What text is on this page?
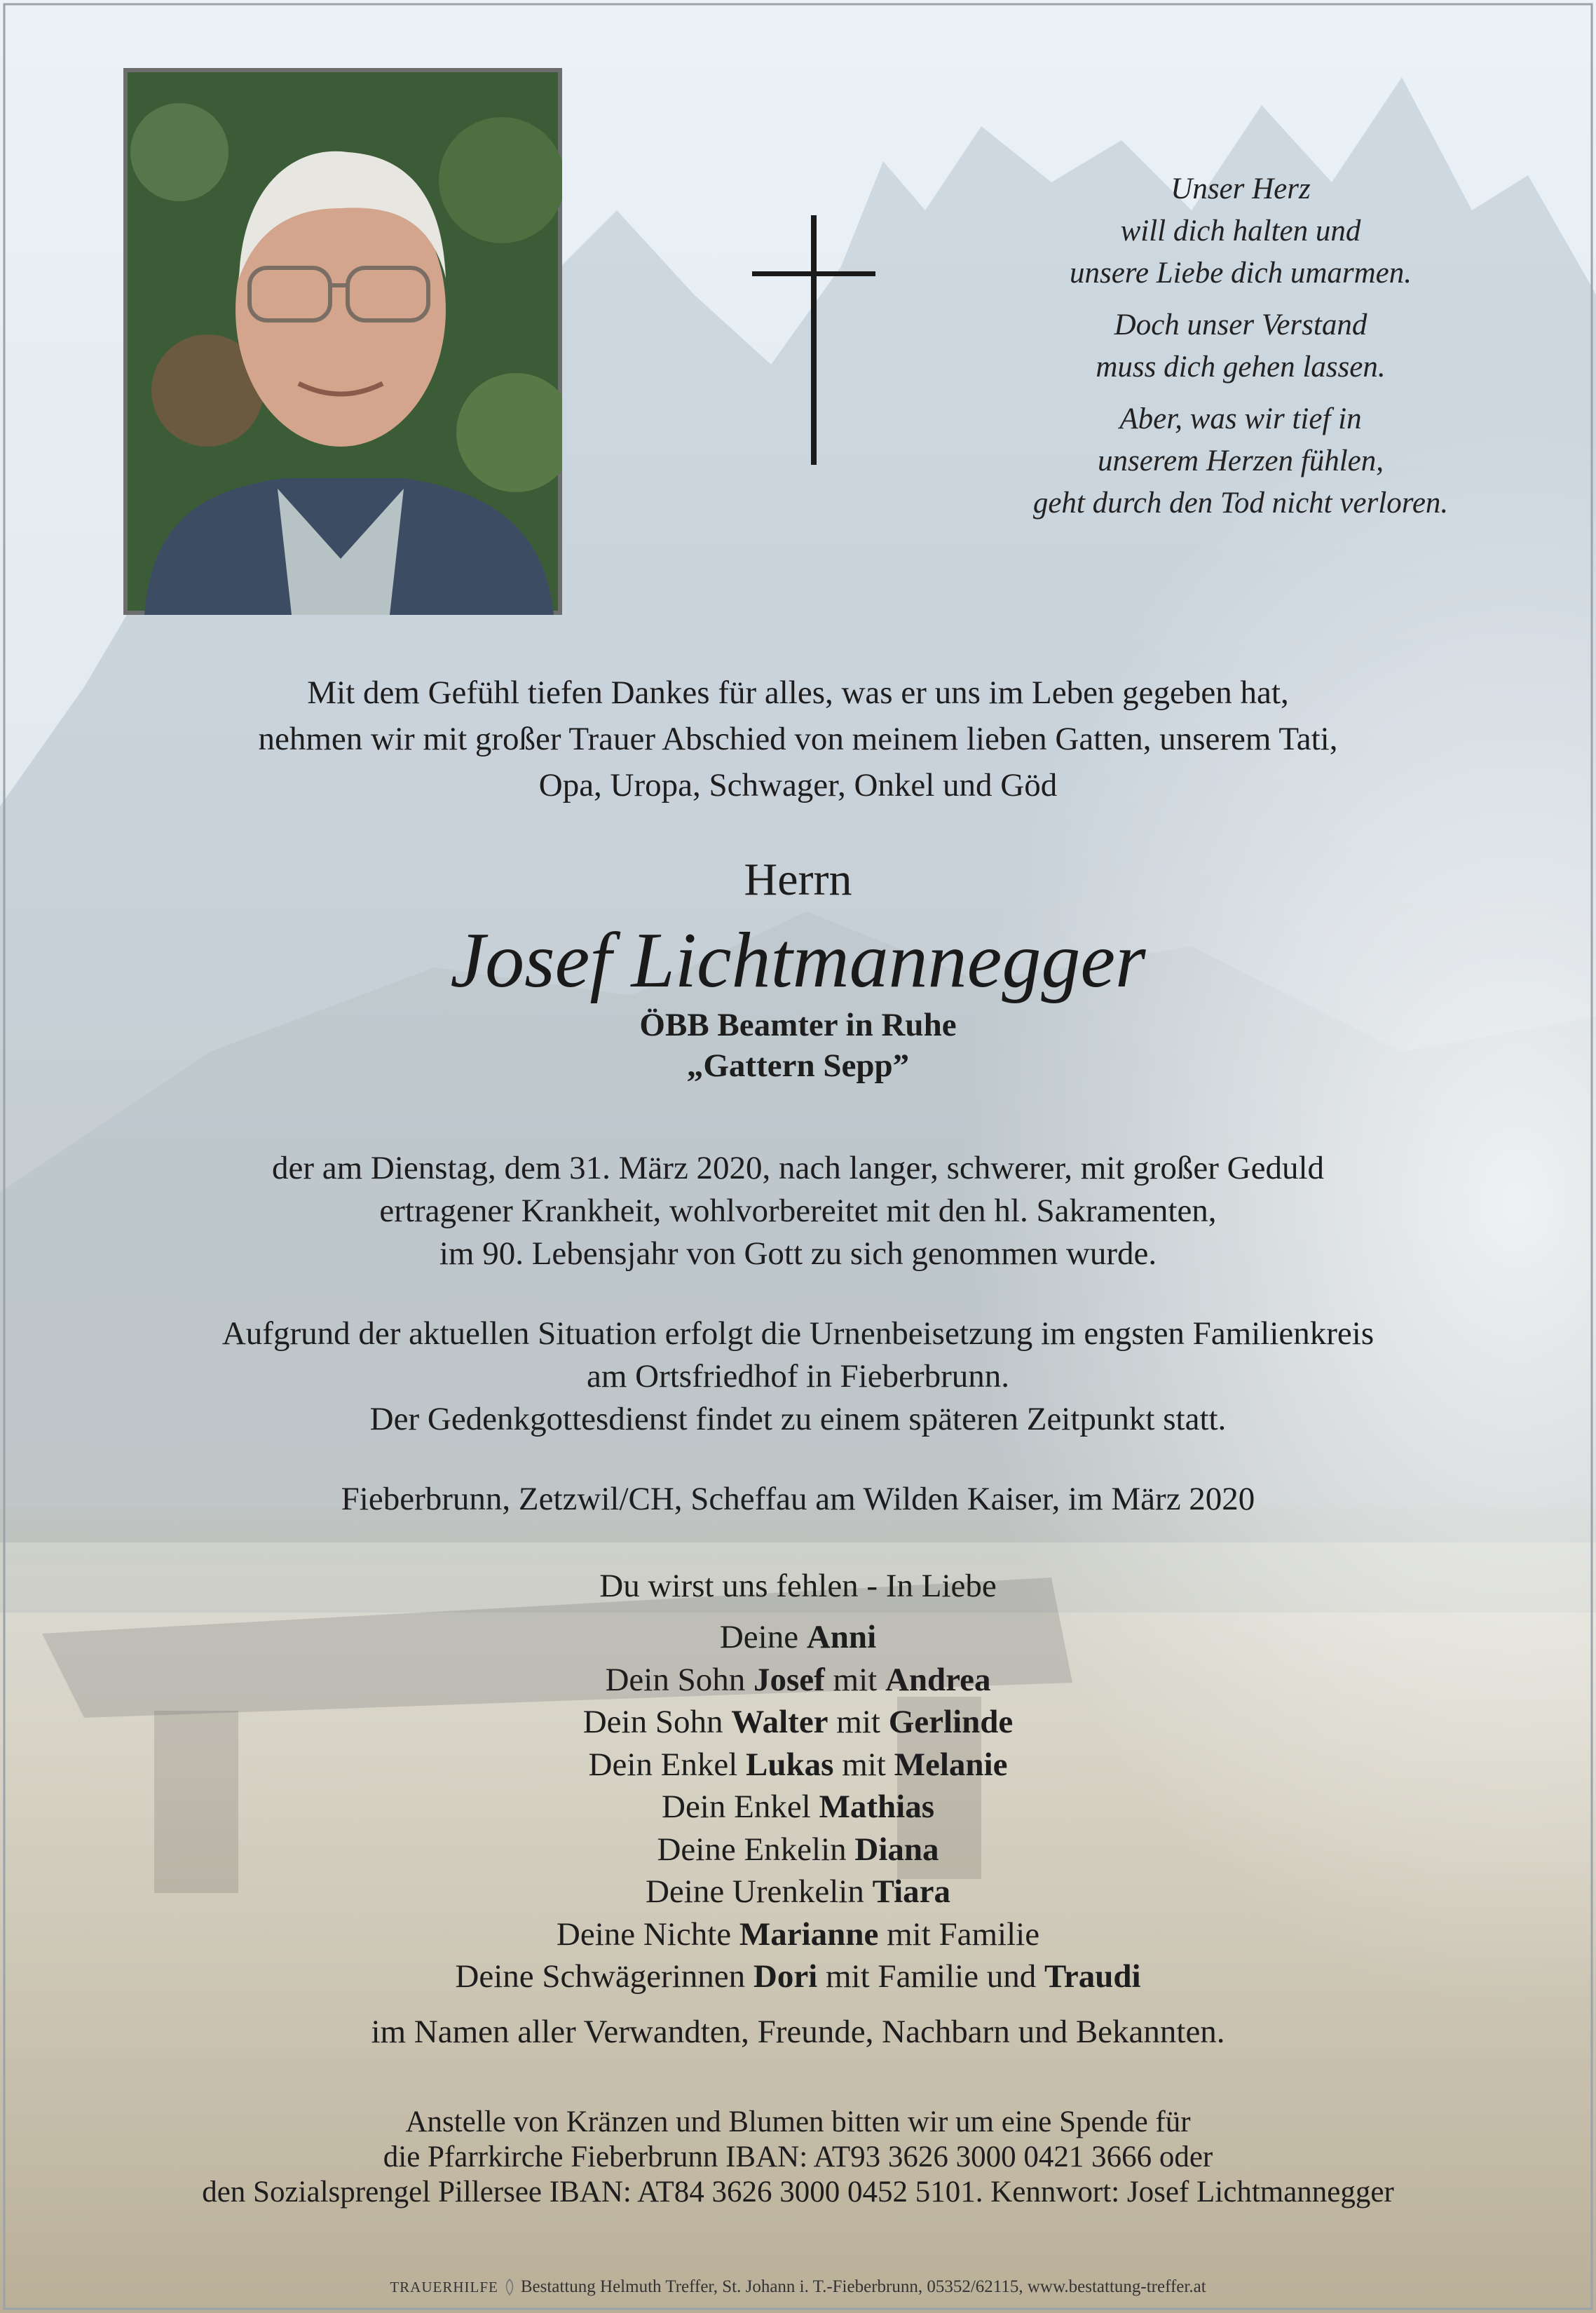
Unser Herz
will dich halten und
unsere Liebe dich umarmen.
Doch unser Verstand
muss dich gehen lassen.
Aber, was wir tief in
unserem Herzen fühlen,
geht durch den Tod nicht verloren.
Mit dem Gefühl tiefen Dankes für alles, was er uns im Leben gegeben hat,
nehmen wir mit großer Trauer Abschied von meinem lieben Gatten, unserem Tati,
Opa, Uropa, Schwager, Onkel und Göd
Herrn
Josef Lichtmannegger
ÖBB Beamter in Ruhe
„Gattern Sepp”
der am Dienstag, dem 31. März 2020, nach langer, schwerer, mit großer Geduld
ertragener Krankheit, wohlvorbereitet mit den hl. Sakramenten,
im 90. Lebensjahr von Gott zu sich genommen wurde.
Aufgrund der aktuellen Situation erfolgt die Urnenbeisetzung im engsten Familienkreis
am Ortsfriedhof in Fieberbrunn.
Der Gedenkgottesdienst findet zu einem späteren Zeitpunkt statt.
Fieberbrunn, Zetzwil/CH, Scheffau am Wilden Kaiser, im März 2020
Du wirst uns fehlen - In Liebe
Deine Anni
Dein Sohn Josef mit Andrea
Dein Sohn Walter mit Gerlinde
Dein Enkel Lukas mit Melanie
Dein Enkel Mathias
Deine Enkelin Diana
Deine Urenkelin Tiara
Deine Nichte Marianne mit Familie
Deine Schwägerinnen Dori mit Familie und Traudi
im Namen aller Verwandten, Freunde, Nachbarn und Bekannten.
Anstelle von Kränzen und Blumen bitten wir um eine Spende für
die Pfarrkirche Fieberbrunn IBAN: AT93 3626 3000 0421 3666 oder
den Sozialsprengel Pillersee IBAN: AT84 3626 3000 0452 5101. Kennwort: Josef Lichtmannegger
TRAUERHILFE Bestattung Helmuth Treffer, St. Johann i. T.-Fieberbrunn, 05352/62115, www.bestattung-treffer.at
